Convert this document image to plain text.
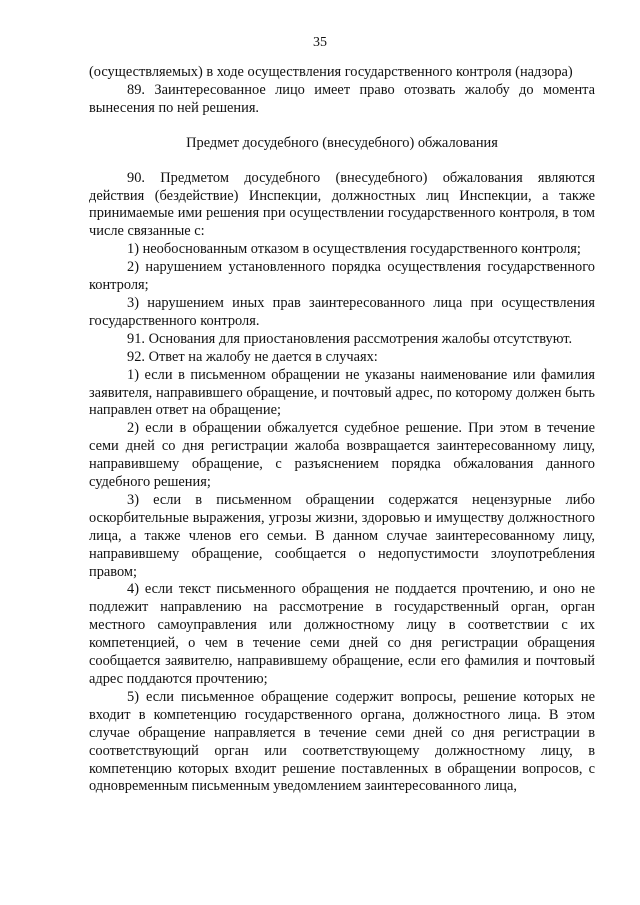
35

(осуществляемых) в ходе осуществления государственного контроля (надзора)

89. Заинтересованное лицо имеет право отозвать жалобу до момента вынесения по ней решения.

Предмет досудебного (внесудебного) обжалования

90. Предметом досудебного (внесудебного) обжалования являются действия (бездействие) Инспекции, должностных лиц Инспекции, а также принимаемые ими решения при осуществлении государственного контроля, в том числе связанные с:

1) необоснованным отказом в осуществления государственного контроля;

2) нарушением установленного порядка осуществления государственного контроля;

3) нарушением иных прав заинтересованного лица при осуществления государственного контроля.

91. Основания для приостановления рассмотрения жалобы отсутствуют.

92. Ответ на жалобу не дается в случаях:

1) если в письменном обращении не указаны наименование или фамилия заявителя, направившего обращение, и почтовый адрес, по которому должен быть направлен ответ на обращение;

2) если в обращении обжалуется судебное решение. При этом в течение семи дней со дня регистрации жалоба возвращается заинтересованному лицу, направившему обращение, с разъяснением порядка обжалования данного судебного решения;

3) если в письменном обращении содержатся нецензурные либо оскорбительные выражения, угрозы жизни, здоровью и имуществу должностного лица, а также членов его семьи. В данном случае заинтересованному лицу, направившему обращение, сообщается о недопустимости злоупотребления правом;

4) если текст письменного обращения не поддается прочтению, и оно не подлежит направлению на рассмотрение в государственный орган, орган местного самоуправления или должностному лицу в соответствии с их компетенцией, о чем в течение семи дней со дня регистрации обращения сообщается заявителю, направившему обращение, если его фамилия и почтовый адрес поддаются прочтению;

5) если письменное обращение содержит вопросы, решение которых не входит в компетенцию государственного органа, должностного лица. В этом случае обращение направляется в течение семи дней со дня регистрации в соответствующий орган или соответствующему должностному лицу, в компетенцию которых входит решение поставленных в обращении вопросов, с одновременным письменным уведомлением заинтересованного лица,
